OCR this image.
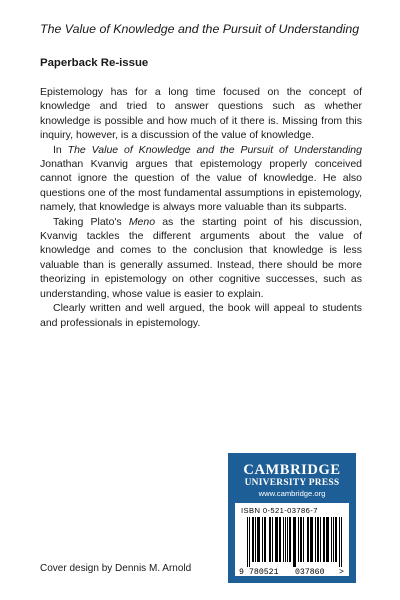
The Value of Knowledge and the Pursuit of Understanding
Paperback Re-issue

Epistemology has for a long time focused on the concept of knowledge and tried to answer questions such as whether knowledge is possible and how much of it there is. Missing from this inquiry, however, is a discussion of the value of knowledge.

In The Value of Knowledge and the Pursuit of Understanding Jonathan Kvanvig argues that epistemology properly conceived cannot ignore the question of the value of knowledge. He also questions one of the most fundamental assumptions in epistemology, namely, that knowledge is always more valuable than its subparts.

Taking Plato's Meno as the starting point of his discussion, Kvanvig tackles the different arguments about the value of knowledge and comes to the conclusion that knowledge is less valuable than is generally assumed. Instead, there should be more theorizing in epistemology on other cognitive successes, such as understanding, whose value is easier to explain.

Clearly written and well argued, the book will appeal to students and professionals in epistemology.

Cover design by Dennis M. Arnold
CAMBRIDGE
UNIVERSITY PRESS
www.cambridge.org
ISBN 0-521-03786-7
9 780521 037860 >
